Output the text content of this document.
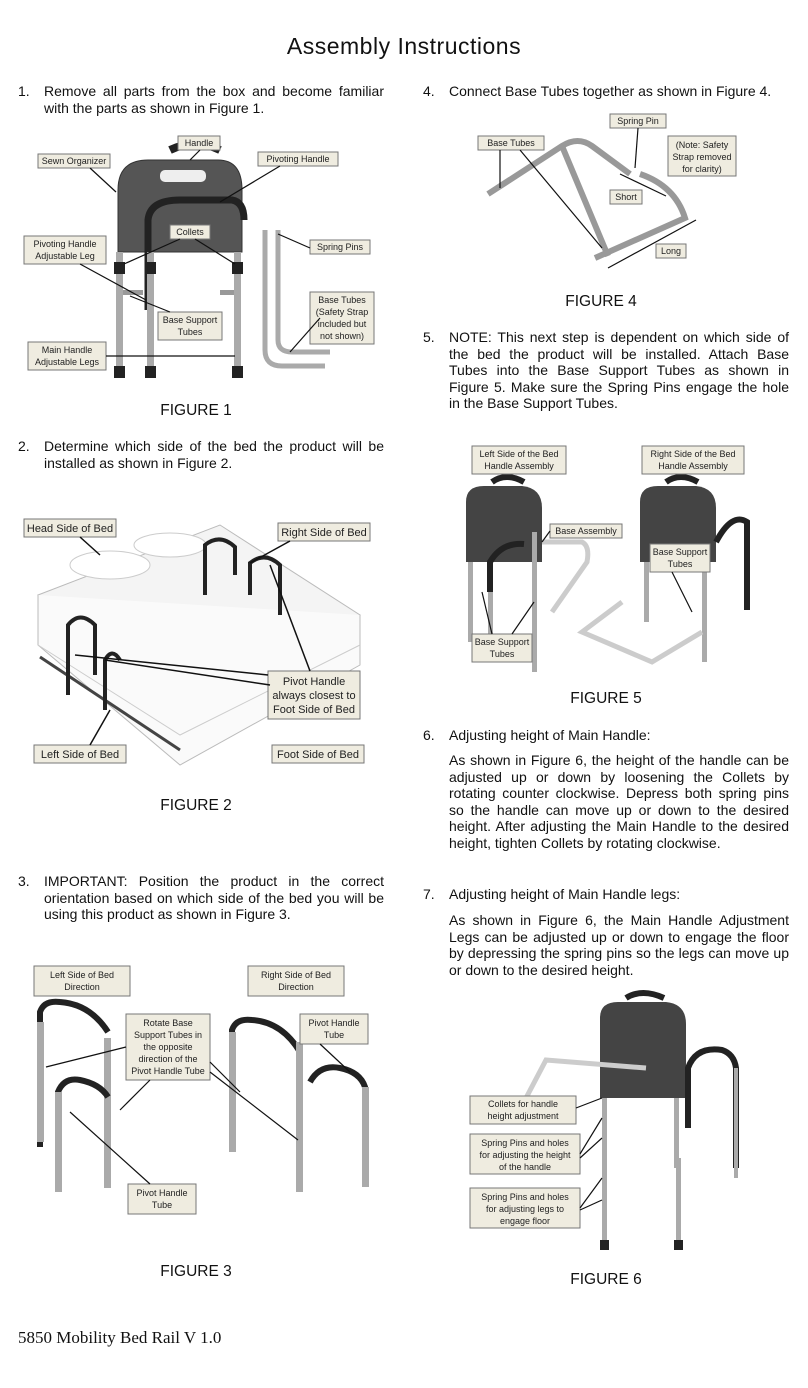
Assembly Instructions
1. Remove all parts from the box and become familiar with the parts as shown in Figure 1.
Handle
Sewn Organizer	Pivoting Handle
Collets
Pivoting Handle
Adjustable Leg
Spring Pins
Base Support
Tubes
Base Tubes
(Safety Strap
included but
not shown)
Main Handle
Adjustable Legs
FIGURE 1
2. Determine which side of the bed the product will be installed as shown in Figure 2.
Head Side of Bed	Right Side of Bed
Left Side of Bed	Foot Side of Bed
Pivot Handle
always closest to
Foot Side of Bed
FIGURE 2
3. IMPORTANT: Position the product in the correct orientation based on which side of the bed you will be using this product as shown in Figure 3.
Left Side of Bed
Direction
Right Side of Bed
Direction
Rotate Base
Support Tubes in
the opposite
direction of the
Pivot Handle Tube
Pivot Handle
Tube
Pivot Handle
Tube
FIGURE 3
4. Connect Base Tubes together as shown in Figure 4.
Base Tubes
Spring Pin
(Note: Safety
Strap removed
for clarity)
Short
Long
FIGURE 4
5. NOTE: This next step is dependent on which side of the bed the product will be installed. Attach Base Tubes into the Base Support Tubes as shown in Figure 5. Make sure the Spring Pins engage the hole in the Base Support Tubes.
Left Side of the Bed
Handle Assembly
Right Side of the Bed
Handle Assembly
Base Assembly
Base Support
Tubes
Base Support
Tubes
FIGURE 5
6. Adjusting height of Main Handle:
As shown in Figure 6, the height of the handle can be adjusted up or down by loosening the Collets by rotating counter clockwise. Depress both spring pins so the handle can move up or down to the desired height. After adjusting the Main Handle to the desired height, tighten Collets by rotating clockwise.
7. Adjusting height of Main Handle legs:
As shown in Figure 6, the Main Handle Adjustment Legs can be adjusted up or down to engage the floor by depressing the spring pins so the legs can move up or down to the desired height.
Collets for handle
height adjustment
Spring Pins and holes
for adjusting the height
of the handle
Spring Pins and holes
for adjusting legs to
engage floor
FIGURE 6
5850 Mobility Bed Rail V 1.0
